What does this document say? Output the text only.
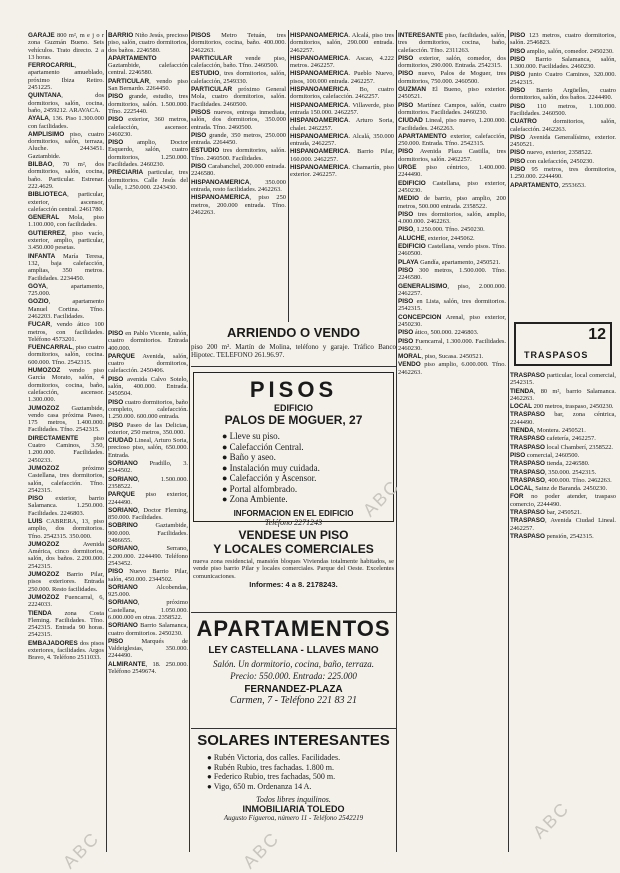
GARAJE 800 m², m e j o r zona Guzmán Bueno. Seis vehículos. Trato directo. 2 a 13 horas.

FERROCARRIL, apartamento amueblado, próximo Ibiza Retiro. 2451225.

QUINTANA, dos dormitorios, salón, cocina, baño, 2459212. ARAVACA.

AYALA, 136. Piso 1.300.000 con facilidades.

AMPLISIMO piso, cuatro dormitorios, salón, terraza, Aluche. 2443451. Gaztambide.

BILBAO, 70 m², dos dormitorios, salón, cocina, baño. Particular. Estrenar. 222.4629.

BIBLIOTECA, particular, exterior, ascensor, calefacción central. 2461780.

GENERAL Mola, piso 1.100.000, con facilidades.

GUTIERREZ, piso vacío, exterior, amplio, particular, 3.450.000 pesetas.

INFANTA María Teresa, 132, baja calefacción, amplias, 350 metros. Facilidades. 2234450.

GOYA, apartamento, 725.000.

GOZIO, apartamento Manuel Cortina. Tfno. 2462203. Facilidades.

FUCAR, vendo ático 100 metros, con facilidades. Teléfono 4573201.

FUENCARRAL, piso cuatro dormitorios, salón, cocina. 600.000. Tfno. 2542315.

HUMOZOZ vendo piso García Morato, salón, 4 dormitorios, cocina, baño, calefacción, ascensor. 1.300.000.

JUMOZOZ Gaztambide, vendo casa próxima Paseo, 175 metros, 1.400.000. Facilidades. Tfno. 2542315.

DIRECTAMENTE piso Cuatro Caminos, 3.50, 1.200.000. Facilidades. 2450233.

JUMOZOZ próximo Castellana, tres dormitorios, salón, calefacción. Tfno. 2542315.

PISO exterior, barrio Salamanca. 1.250.000. Facilidades. 2246803.

LUIS CABRERA, 13, piso amplio, dos dormitorios. Tfno. 2542315. 350.000.

JUMOZOZ Avenida América, cinco dormitorios, salón, dos baños. 2.200.000. 2542315.

JUMOZOZ Barrio Pilar, pisos exteriores. Entrada 250.000. Resto facilidades.

JUMOZOZ Fuencarral, 6, 2224033.

TIENDA zona Costa Fleming. Facilidades. Tfno. 2542315. Entrada 90 horas. 2542315.

EMBAJADORES dos pisos exteriores, facilidades. Argos Bravo, 4. Teléfono 2511033.

BARRIO Niño Jesús, precioso piso, salón, cuatro dormitorios, dos baños. 2246580.

APARTAMENTO Gaztambide, calefacción central. 2246580.

PARTICULAR, vendo piso San Bernardo. 2264450.

PISO grande, estudio, tres dormitorios, salón. 1.500.000. Tfno. 2225440.

PISO exterior, 360 metros, calefacción, ascensor. 2460230.

PISO amplio, Doctor Esquerdo, salón, cuatro dormitorios, 1.250.000. Facilidades. 2460230.

PRECIARIA particular, tres dormitorios. Calle Jesús del Valle, 1.250.000. 2243430.

PISO en Pablo Vicente, salón, cuatro dormitorios. Entrada 400.000.

PARQUE Avenida, salón, cuatro dormitorios, calefacción. 2450406.

PISO avenida Calvo Sotelo, salón, 400.000. Entrada. 2450504.

PISO cuatro dormitorios, baño completo, calefacción. 1.250.000. 600.000 entrada.

PISO Paseo de las Delicias, exterior, 250 metros, 350.000.

CIUDAD Lineal, Arturo Soria, precioso piso, salón, 650.000. Entrada.

SORIANO Pradillo, 3. 2344502.

SORIANO, 1.500.000. 2358522.

PARQUE piso exterior, 2244490.

SORIANO, Doctor Fleming, 850.000. Facilidades.

SOBRINO Gaztambide, 900.000. Facilidades. 2486655.

SORIANO, Serrano, 2.200.000. 2244490. Teléfono 2543452.

PISO Nuevo Barrio Pilar, salón, 450.000. 2344502.

SORIANO Alcobendas, 925.000.

SORIANO, próximo Castellana, 1.050.000. 6.000.000 en otras. 2358522.

SORIANO Barrio Salamanca, cuatro dormitorios. 2450230.

PISO Marqués de Valdeiglesias, 350.000. 2244490.

ALMIRANTE, 18. 250.000. Teléfono 2549674.

PISOS Metro Tetuán, tres dormitorios, cocina, baño. 400.000. 2462263.

PARTICULAR vende piso, calefacción, baño. Tfno. 2460500.

ESTUDIO, tres dormitorios, salón, calefacción, 2549330.

PARTICULAR próximo General Mola, cuatro dormitorios, salón. Facilidades. 2460500.

PISOS nuevos, entrega inmediata, salón, dos dormitorios, 350.000 entrada. Tfno. 2460500.

PISO grande, 350 metros, 250.000 entrada. 2264450.

ESTUDIO tres dormitorios, salón. Tfno. 2460500. Facilidades.

PISO Carabanchel, 200.000 entrada. 2246580.

HISPANOAMERICA, 350.000 entrada, resto facilidades. 2462263.

HISPANOAMERICA, piso 250 metros, 200.000 entrada. Tfno. 2462263.

HISPANOAMERICA. Alcalá, piso tres dormitorios, salón, 290.000 entrada. 2462257.

HISPANOAMERICA. Ascao, 4.222 metros. 2462257.

HISPANOAMERICA. Pueblo Nuevo, pisos, 100.000 entrada. 2462257.

HISPANOAMERICA. Bo, cuatro dormitorios, calefacción. 2462257.

HISPANOAMERICA. Villaverde, piso entrada 150.000. 2462257.

HISPANOAMERICA. Arturo Soria, chalet. 2462257.

HISPANOAMERICA. Alcalá, 350.000 entrada, 2462257.

HISPANOAMERICA. Barrio Pilar, 160.000. 2462257.

HISPANOAMERICA. Chamartín, piso exterior. 2462257.

INTERESANTE piso, facilidades, salón, tres dormitorios, cocina, baño, calefacción. Tfno. 2311263.

PISO exterior, salón, comedor, dos dormitorios, 290.000. Entrada. 2542315.

PISO nuevo, Palos de Moguer, tres dormitorios, 750.000. 2460500.

GUZMAN El Bueno, piso exterior. 2450521.

PISO Martínez Campos, salón, cuatro dormitorios. Facilidades. 2460230.

CIUDAD Lineal, piso nuevo, 1.200.000. Facilidades. 2462263.

APARTAMENTO exterior, calefacción, 250.000. Entrada. Tfno. 2542315.

PISO Avenida Plaza Castilla, tres dormitorios, salón. 2462257.

URGE piso céntrico, 1.400.000. 2244490.

EDIFICIO Castellana, piso exterior, 2450230.

MEDIO de barrio, piso amplio, 200 metros, 500.000 entrada. 2358522.

PISO tres dormitorios, salón, amplio, 4.000.000. 2462263.

PISO, 1.250.000. Tfno. 2450230.

ALUCHE, exterior, 2445062.

EDIFICIO Castellana, vendo pisos. Tfno. 2460500.

PLAYA Gandía, apartamento, 2450521.

PISO 300 metros, 1.500.000. Tfno. 2246580.

GENERALISIMO, piso, 2.000.000. 2462257.

PISO en Lista, salón, tres dormitorios. 2542315.

CONCEPCION Arenal, piso exterior, 2450230.

PISO ático, 500.000. 2246803.

PISO Fuencarral, 1.300.000. Facilidades. 2460230.

MORAL, piso, Sucasa. 2450521.

VENDO piso amplio, 6.000.000. Tfno. 2462263.

PISO 123 metros, cuatro dormitorios, salón. 2546823.

PISO amplio, salón, comedor. 2450230.

PISO Barrio Salamanca, salón, 1.300.000. Facilidades. 2460230.

PISO junto Cuatro Caminos, 320.000. 2542315.

PISO Barrio Argüelles, cuatro dormitorios, salón, dos baños. 2244490.

PISO 110 metros, 1.100.000. Facilidades. 2460500.

CUATRO dormitorios, salón, calefacción. 2462263.

PISO Avenida Generalísimo, exterior. 2450521.

PISO nuevo, exterior, 2358522.

PISO con calefacción, 2450230.

PISO 95 metros, tres dormitorios, 1.250.000. 2244490.

APARTAMENTO, 2553653.

ARRIENDO O VENDO
piso 200 m². Martín de Molina, teléfono y garaje. Tráfico Banco Hipotec. TELEFONO 261.96.97.
PISOS
EDIFICIO
PALOS DE MOGUER, 27
● Lleve su piso.
● Calefacción Central.
● Baño y aseo.
● Instalación muy cuidada.
● Calefacción y Ascensor.
● Portal alfombrado.
● Zona Ambiente.
INFORMACION EN EL EDIFICIO
Teléfono 2271243
VENDESE UN PISO
Y LOCALES COMERCIALES
nueva zona residencial, mansión bloques Viviendas totalmente habitados, se vende piso barrio Pilar y locales comerciales. Parque del Oeste. Excelentes comunicaciones.
Informes: 4 a 8. 2178243.
APARTAMENTOS
LEY CASTELLANA - LLAVES MANO
Salón. Un dormitorio, cocina, baño, terraza.
Precio: 550.000. Entrada: 225.000
FERNANDEZ-PLAZA
Carmen, 7 - Teléfono 221 83 21
SOLARES INTERESANTES
● Rubén Victoria, dos calles. Facilidades.
● Rubén Rubio, tres fachadas. 1.800 m.
● Federico Rubio, tres fachadas, 500 m.
● Vigo, 650 m. Ordenanza 14 A.
Todos libres inquilinos.
INMOBILIARIA TOLEDO
Augusto Figueroa, número 11 - Teléfono 2542219
12
TRASPASOS

TRASPASO particular, local comercial, 2542315.

TIENDA, 80 m², barrio Salamanca. 2462263.

LOCAL 200 metros, traspaso, 2450230.

TRASPASO bar, zona céntrica, 2244490.

TIENDA, Montera. 2450521.

TRASPASO cafetería, 2462257.

TRASPASO local Chamberí, 2358522.

PISO comercial, 2460500.

TRASPASO tienda, 2246580.

TRASPASO, 350.000. 2542315.

TRASPASO, 400.000. Tfno. 2462263.

LOCAL, Sainz de Baranda. 2450230.

FOR no poder atender, traspaso comercio, 2244490.

TRASPASO bar, 2450521.

TRASPASO, Avenida Ciudad Lineal. 2462257.

TRASPASO pensión, 2542315.

ABC
ABC
ABC
ABC
